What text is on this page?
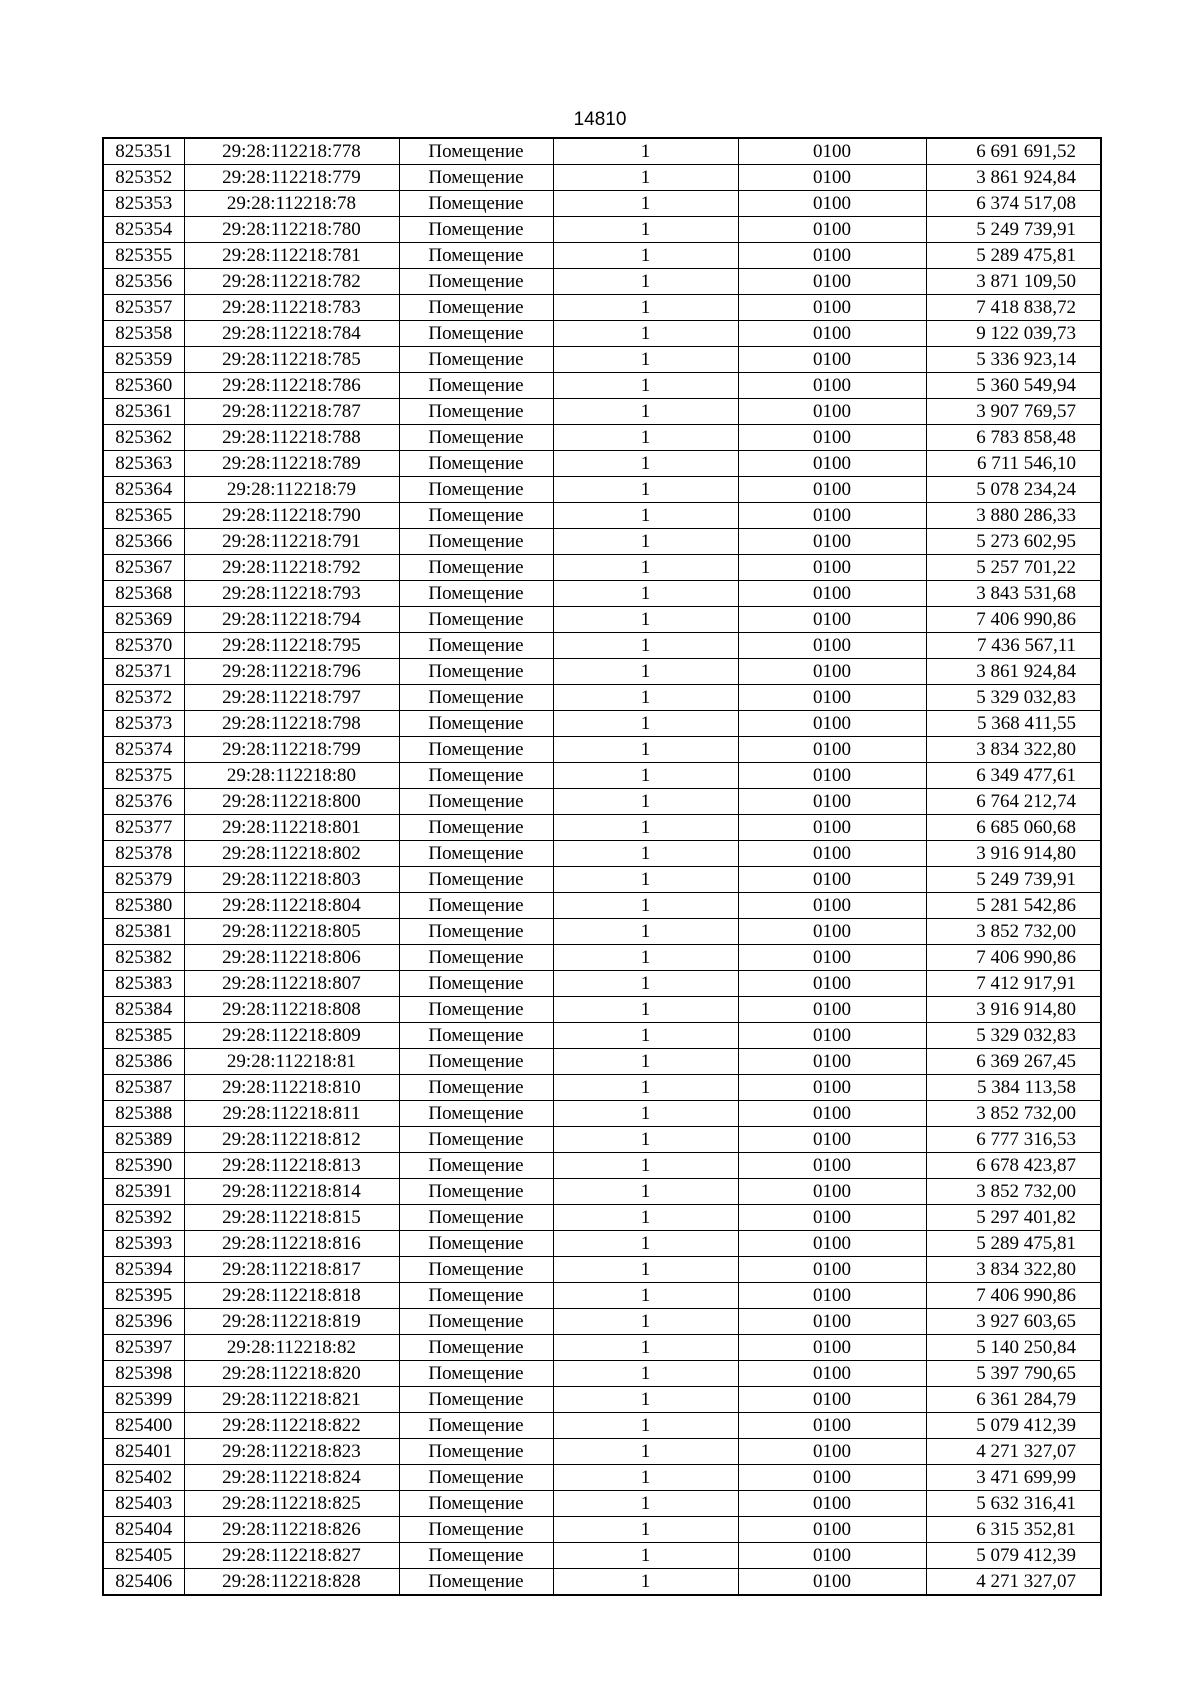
14810
825351	29:28:112218:778	Помещение	1	0100	6 691 691,52
825352	29:28:112218:779	Помещение	1	0100	3 861 924,84
825353	29:28:112218:78	Помещение	1	0100	6 374 517,08
825354	29:28:112218:780	Помещение	1	0100	5 249 739,91
825355	29:28:112218:781	Помещение	1	0100	5 289 475,81
825356	29:28:112218:782	Помещение	1	0100	3 871 109,50
825357	29:28:112218:783	Помещение	1	0100	7 418 838,72
825358	29:28:112218:784	Помещение	1	0100	9 122 039,73
825359	29:28:112218:785	Помещение	1	0100	5 336 923,14
825360	29:28:112218:786	Помещение	1	0100	5 360 549,94
825361	29:28:112218:787	Помещение	1	0100	3 907 769,57
825362	29:28:112218:788	Помещение	1	0100	6 783 858,48
825363	29:28:112218:789	Помещение	1	0100	6 711 546,10
825364	29:28:112218:79	Помещение	1	0100	5 078 234,24
825365	29:28:112218:790	Помещение	1	0100	3 880 286,33
825366	29:28:112218:791	Помещение	1	0100	5 273 602,95
825367	29:28:112218:792	Помещение	1	0100	5 257 701,22
825368	29:28:112218:793	Помещение	1	0100	3 843 531,68
825369	29:28:112218:794	Помещение	1	0100	7 406 990,86
825370	29:28:112218:795	Помещение	1	0100	7 436 567,11
825371	29:28:112218:796	Помещение	1	0100	3 861 924,84
825372	29:28:112218:797	Помещение	1	0100	5 329 032,83
825373	29:28:112218:798	Помещение	1	0100	5 368 411,55
825374	29:28:112218:799	Помещение	1	0100	3 834 322,80
825375	29:28:112218:80	Помещение	1	0100	6 349 477,61
825376	29:28:112218:800	Помещение	1	0100	6 764 212,74
825377	29:28:112218:801	Помещение	1	0100	6 685 060,68
825378	29:28:112218:802	Помещение	1	0100	3 916 914,80
825379	29:28:112218:803	Помещение	1	0100	5 249 739,91
825380	29:28:112218:804	Помещение	1	0100	5 281 542,86
825381	29:28:112218:805	Помещение	1	0100	3 852 732,00
825382	29:28:112218:806	Помещение	1	0100	7 406 990,86
825383	29:28:112218:807	Помещение	1	0100	7 412 917,91
825384	29:28:112218:808	Помещение	1	0100	3 916 914,80
825385	29:28:112218:809	Помещение	1	0100	5 329 032,83
825386	29:28:112218:81	Помещение	1	0100	6 369 267,45
825387	29:28:112218:810	Помещение	1	0100	5 384 113,58
825388	29:28:112218:811	Помещение	1	0100	3 852 732,00
825389	29:28:112218:812	Помещение	1	0100	6 777 316,53
825390	29:28:112218:813	Помещение	1	0100	6 678 423,87
825391	29:28:112218:814	Помещение	1	0100	3 852 732,00
825392	29:28:112218:815	Помещение	1	0100	5 297 401,82
825393	29:28:112218:816	Помещение	1	0100	5 289 475,81
825394	29:28:112218:817	Помещение	1	0100	3 834 322,80
825395	29:28:112218:818	Помещение	1	0100	7 406 990,86
825396	29:28:112218:819	Помещение	1	0100	3 927 603,65
825397	29:28:112218:82	Помещение	1	0100	5 140 250,84
825398	29:28:112218:820	Помещение	1	0100	5 397 790,65
825399	29:28:112218:821	Помещение	1	0100	6 361 284,79
825400	29:28:112218:822	Помещение	1	0100	5 079 412,39
825401	29:28:112218:823	Помещение	1	0100	4 271 327,07
825402	29:28:112218:824	Помещение	1	0100	3 471 699,99
825403	29:28:112218:825	Помещение	1	0100	5 632 316,41
825404	29:28:112218:826	Помещение	1	0100	6 315 352,81
825405	29:28:112218:827	Помещение	1	0100	5 079 412,39
825406	29:28:112218:828	Помещение	1	0100	4 271 327,07
